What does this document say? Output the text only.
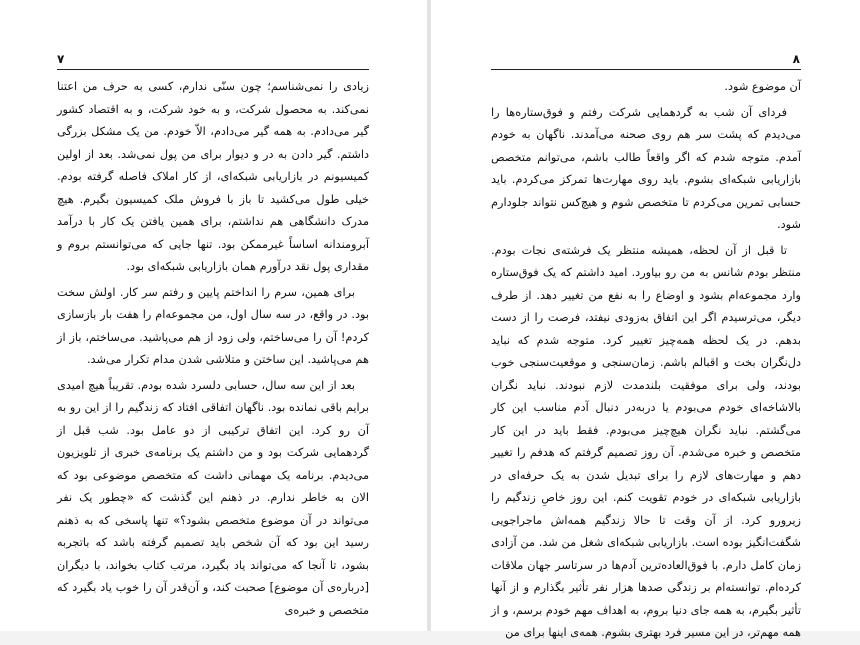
۷

زیادی را نمی‌شناسم؛ چون سنّی ندارم، کسی به حرف من اعتنا نمی‌کند. به محصول شرکت، و به خود شرکت، و به اقتصاد کشور گیر می‌دادم. به همه گیر می‌دادم، الاّ خودم. من یک مشکل بزرگی داشتم. گیر دادن به در و دیوار برای من پول نمی‌شد. بعد از اولین کمیسیونم در بازاریابی شبکه‌ای، از کار املاک فاصله گرفته بودم. خیلی طول می‌کشید تا باز با فروش ملک کمیسیون بگیرم. هیچ مدرک دانشگاهی هم نداشتم، برای همین یافتن یک کار با درآمد آبرومندانه اساساً غیرممکن بود. تنها جایی که می‌توانستم بروم و مقداری پول نقد درآورم همان بازاریابی شبکه‌ای بود.

برای همین، سرم را انداختم پایین و رفتم سر کار. اولش سخت بود. در واقع، در سه سال اول، من مجموعه‌ام را هفت بار بازسازی کردم! آن را می‌ساختم، ولی زود از هم می‌پاشید. می‌ساختم، باز از هم می‌پاشید. این ساختن و متلاشی شدن مدام تکرار می‌شد.

بعد از این سه سال، حسابی دلسرد شده بودم. تقریباً هیچ امیدی برایم باقی نمانده بود. ناگهان اتفاقی افتاد که زندگیم را از این رو به آن رو کرد. این اتفاق ترکیبی از دو عامل بود. شب قبل از گردهمایی شرکت بود و من داشتم یک برنامه‌ی خبری از تلویزیون می‌دیدم. برنامه یک مهمانی داشت که متخصص موضوعی بود که الان به خاطر ندارم. در ذهنم این گذشت که «چطور یک نفر می‌تواند در آن موضوع متخصص بشود؟» تنها پاسخی که به ذهنم رسید این بود که آن شخص باید تصمیم گرفته باشد که باتجربه بشود، تا آنجا که می‌تواند یاد بگیرد، مرتب کتاب بخواند، با دیگران [درباره‌ی آن موضوع] صحبت کند، و آن‌قدر آن را خوب یاد بگیرد که متخصص و خبره‌ی

۸

آن موضوع شود.

فردای آن شب به گردهمایی شرکت رفتم و فوق‌ستاره‌ها را می‌دیدم که پشت سر هم روی صحنه می‌آمدند. ناگهان به خودم آمدم. متوجه شدم که اگر واقعاً طالب باشم، می‌توانم متخصص بازاریابی شبکه‌ای بشوم. باید روی مهارت‌ها تمرکز می‌کردم. باید حسابی تمرین می‌کردم تا متخصص شوم و هیچ‌کس نتواند جلودارم شود.

تا قبل از آن لحظه، همیشه منتظر یک فرشته‌ی نجات بودم. منتظر بودم شانس به من رو بیاورد. امید داشتم که یک فوق‌ستاره وارد مجموعه‌ام بشود و اوضاع را به نفع من تغییر دهد. از طرف دیگر، می‌ترسیدم اگر این اتفاق به‌زودی نیفتد، فرصت را از دست بدهم. در یک لحظه همه‌چیز تغییر کرد. متوجه شدم که نباید دل‌نگران بخت و اقبالم باشم. زمان‌سنجی و موقعیت‌سنجی خوب بودند، ولی برای موفقیت بلندمدت لازم نبودند. نباید نگران بالاشاخه‌ای خودم می‌بودم یا دربه‌در دنبال آدم مناسب این کار می‌گشتم. نباید نگران هیچ‌چیز می‌بودم. فقط باید در این کار متخصص و خبره می‌شدم. آن روز تصمیم گرفتم که هدفم را تغییر دهم و مهارت‌های لازم را برای تبدیل شدن به یک حرفه‌ای در بازاریابی شبکه‌ای در خودم تقویت کنم. این روز خاصِ زندگیم را زیرورو کرد. از آن وقت تا حالا زندگیم همه‌اش ماجراجویی شگفت‌انگیز بوده است. بازاریابی شبکه‌ای شغل من شد. من آزادی زمان کامل دارم. با فوق‌العاده‌ترین آدم‌ها در سرتاسر جهان ملاقات کرده‌ام. توانسته‌ام بر زندگی صدها هزار نفر تأثیر بگذارم و از آنها تأثیر بگیرم، به همه جای دنیا بروم، به اهداف مهم خودم برسم، و از همه مهم‌تر، در این مسیر فرد بهتری بشوم. همه‌ی اینها برای من
